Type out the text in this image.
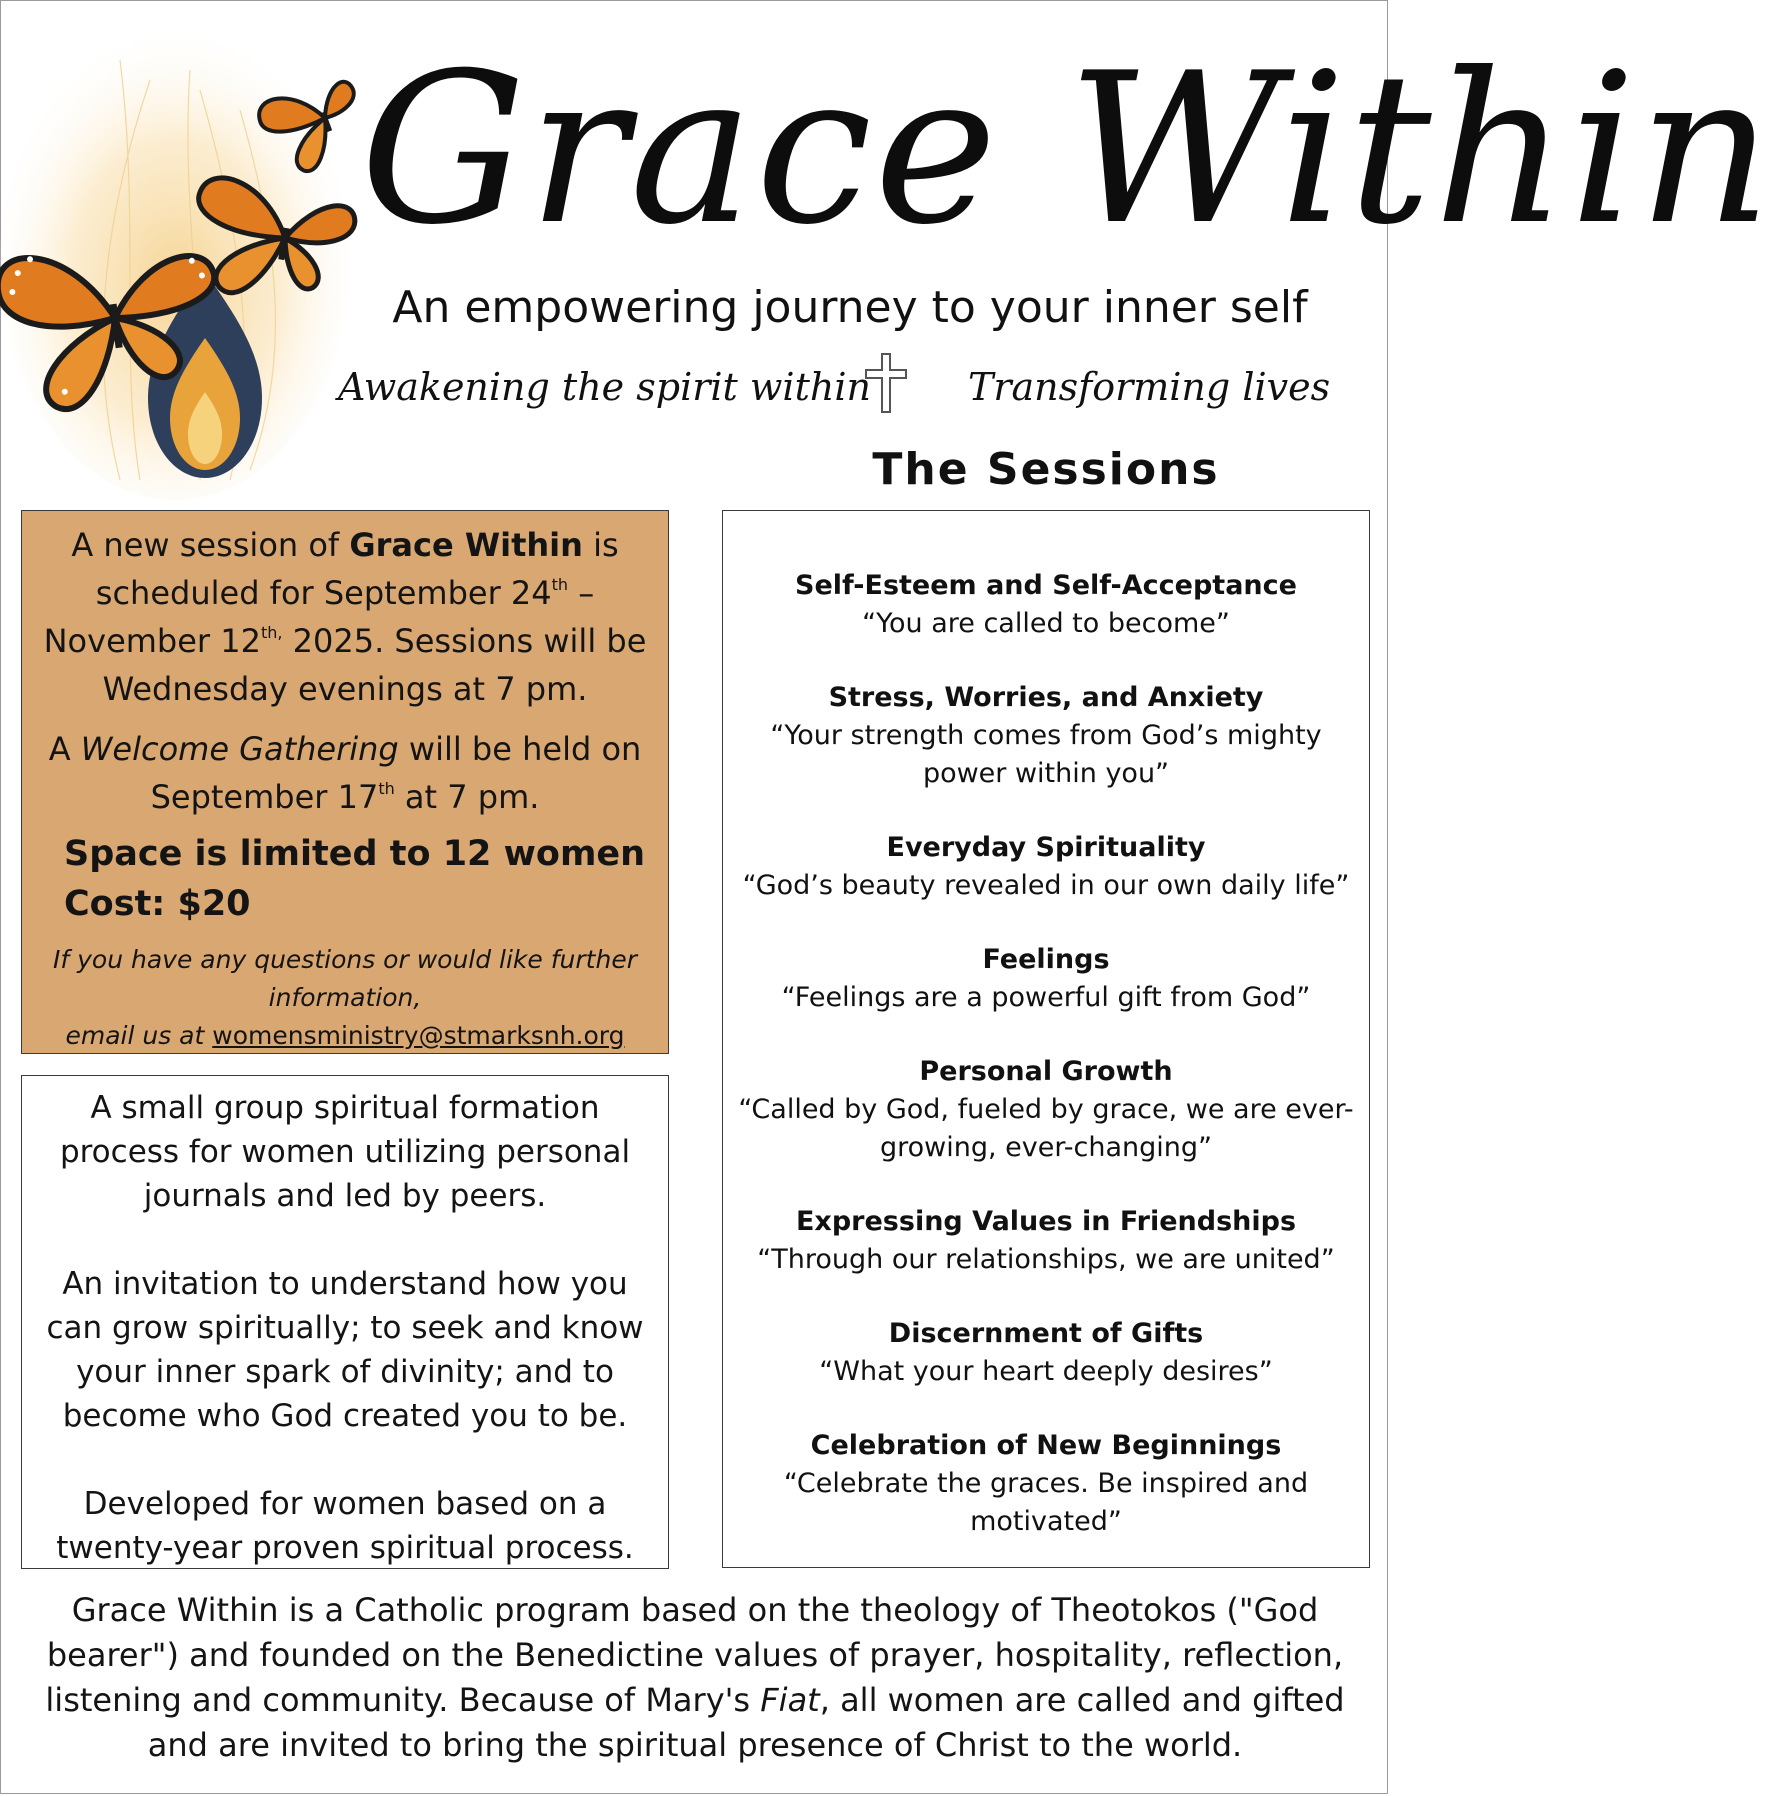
Grace Within
An empowering journey to your inner self
Awakening the spirit within	Transforming lives
The Sessions
A new session of Grace Within is scheduled for September 24th – November $12^{th,}$ 2025. Sessions will be Wednesday evenings at 7 pm.
A Welcome Gathering will be held on September 17th at 7 pm.
Space is limited to 12 women
Cost: $20
If you have any questions or would like further information,
email us at womensministry@stmarksnh.org
A small group spiritual formation process for women utilizing personal journals and led by peers.
An invitation to understand how you can grow spiritually; to seek and know your inner spark of divinity; and to become who God created you to be.
Developed for women based on a twenty-year proven spiritual process.
Self-Esteem and Self-Acceptance
“You are called to become”
Stress, Worries, and Anxiety
“Your strength comes from God’s mighty power within you”
Everyday Spirituality
“God’s beauty revealed in our own daily life”
Feelings
“Feelings are a powerful gift from God”
Personal Growth
“Called by God, fueled by grace, we are ever-growing, ever-changing”
Expressing Values in Friendships
“Through our relationships, we are united”
Discernment of Gifts
“What your heart deeply desires”
Celebration of New Beginnings
“Celebrate the graces. Be inspired and motivated”
Grace Within is a Catholic program based on the theology of Theotokos ("God bearer") and founded on the Benedictine values of prayer, hospitality, reflection, listening and community. Because of Mary's Fiat, all women are called and gifted and are invited to bring the spiritual presence of Christ to the world.
